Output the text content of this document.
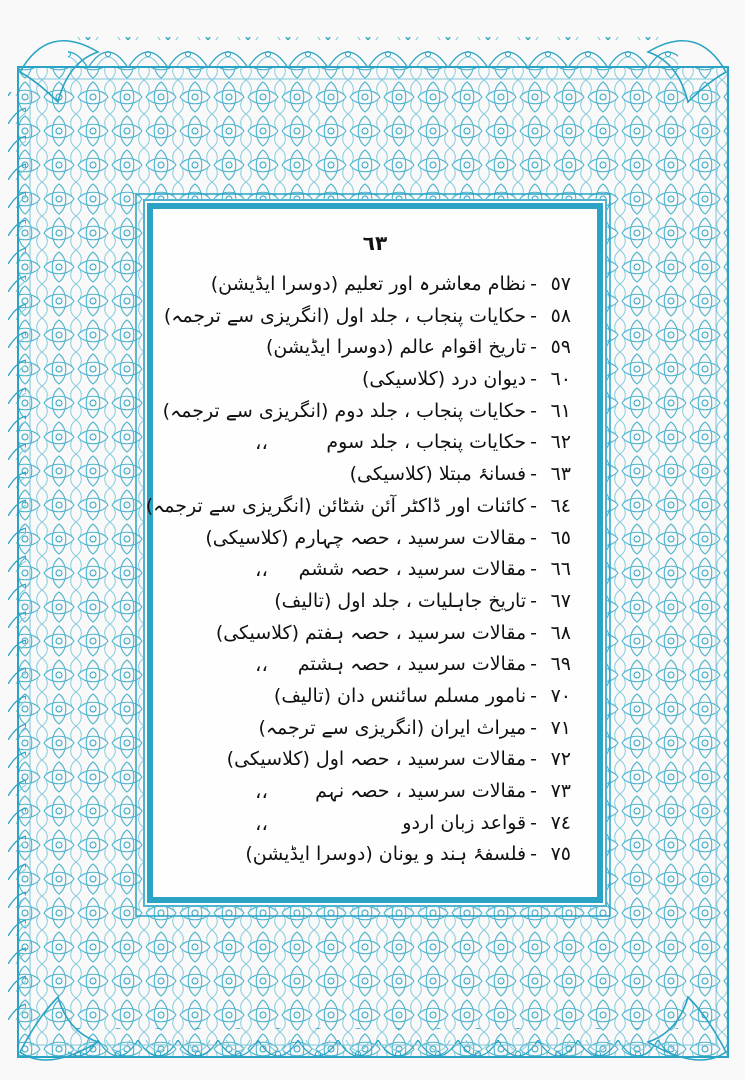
٦٣
٥٧
-
نظام معاشرہ اور تعلیم (دوسرا ایڈیشن)
٥٨
-
حکایات پنجاب ، جلد اول (انگریزی سے ترجمہ)
٥٩
-
تاریخ اقوام عالم (دوسرا ایڈیشن)
٦٠
-
دیوان درد (کلاسیکی)
٦١
-
حکایات پنجاب ، جلد دوم (انگریزی سے ترجمہ)
٦٢
-
حکایات پنجاب ، جلد سوم
،،
٦٣
-
فسانۂ مبتلا (کلاسیکی)
٦٤
-
کائنات اور ڈاکٹر آئن شٹائن (انگریزی سے ترجمہ)
٦٥
-
مقالات سرسید ، حصہ چہارم (کلاسیکی)
٦٦
-
مقالات سرسید ، حصہ ششم
،،
٦٧
-
تاریخ جاہلیات ، جلد اول (تالیف)
٦٨
-
مقالات سرسید ، حصہ ہفتم (کلاسیکی)
٦٩
-
مقالات سرسید ، حصہ ہشتم
،،
٧٠
-
نامور مسلم سائنس دان (تالیف)
٧١
-
میراث ایران (انگریزی سے ترجمہ)
٧٢
-
مقالات سرسید ، حصہ اول (کلاسیکی)
٧٣
-
مقالات سرسید ، حصہ نہم
،،
٧٤
-
قواعد زبان اردو
،،
٧٥
-
فلسفۂ ہند و یونان (دوسرا ایڈیشن)
